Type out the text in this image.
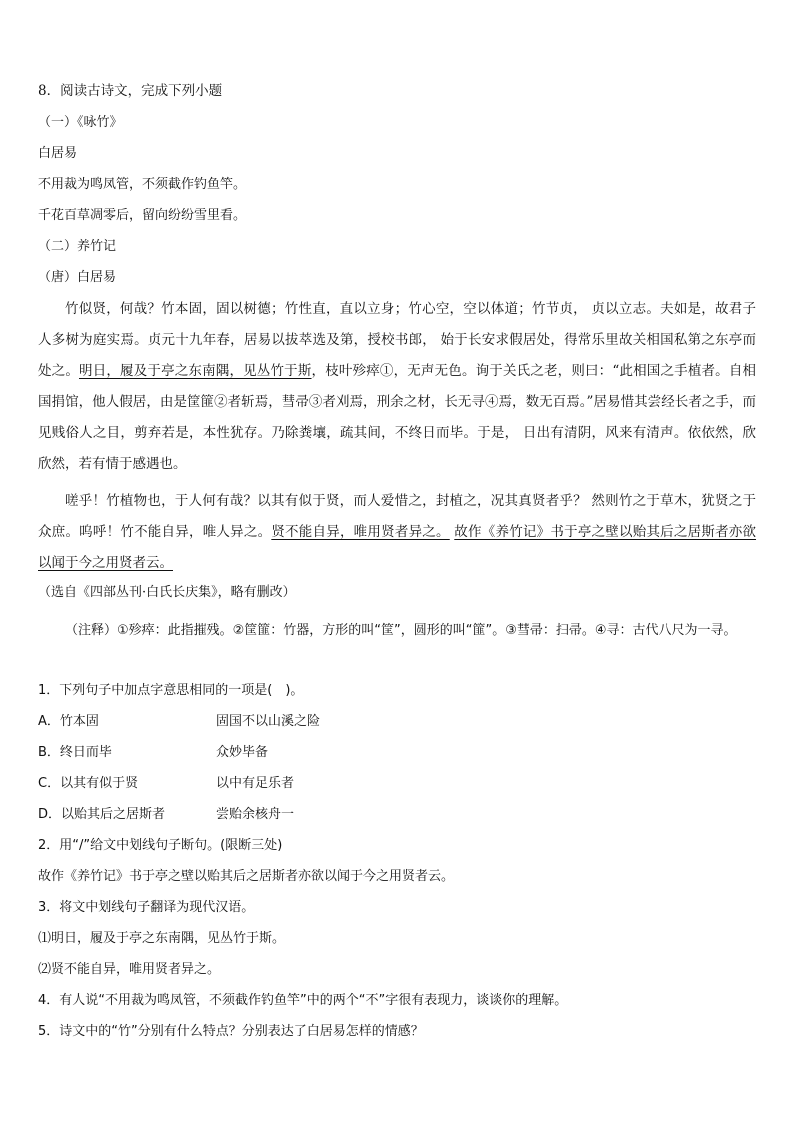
8．阅读古诗文，完成下列小题
（一）《咏竹》
白居易
不用裁为鸣凤管，不须截作钓鱼竿。
千花百草凋零后，留向纷纷雪里看。
（二）养竹记
（唐）白居易
竹似贤，何哉？竹本固，固以树德；竹性直，直以立身；竹心空，空以体道；竹节贞， 贞以立志。夫如是，故君子人多树为庭实焉。贞元十九年春，居易以拔萃选及第，授校书郎， 始于长安求假居处，得常乐里故关相国私第之东亭而处之。明日，履及于亭之东南隅，见丛竹于斯，枝叶殄瘁①，无声无色。询于关氏之老，则曰：“此相国之手植者。自相国捐馆，他人假居，由是筐篚②者斩焉，彗帚③者刈焉，刑余之材，长无寻④焉，数无百焉。”居易惜其尝经长者之手，而见贱俗人之目，剪弃若是，本性犹存。乃除粪壤，疏其间，不终日而毕。于是， 日出有清阴，风来有清声。依依然，欣欣然，若有情于感遇也。
嗟乎！竹植物也，于人何有哉？以其有似于贤，而人爱惜之，封植之，况其真贤者乎？ 然则竹之于草木，犹贤之于众庶。呜呼！竹不能自异，唯人异之。贤不能自异，唯用贤者异之。 故作《养竹记》书于亭之壁以贻其后之居斯者亦欲以闻于今之用贤者云。
（选自《四部丛刊·白氏长庆集》，略有删改）
（注释）①殄瘁：此指摧残。②筐篚：竹器，方形的叫“筐”，圆形的叫“篚”。③彗帚：扫帚。④寻：古代八尺为一寻。
1．下列句子中加点字意思相同的一项是(　)。
A．竹本固	固国不以山溪之险
B．终日而毕	众妙毕备
C．以其有似于贤	以中有足乐者
D．以贻其后之居斯者	尝贻余核舟一
2．用“/”给文中划线句子断句。(限断三处)
故作《养竹记》书于亭之壁以贻其后之居斯者亦欲以闻于今之用贤者云。
3．将文中划线句子翻译为现代汉语。
⑴明日，履及于亭之东南隅，见丛竹于斯。
⑵贤不能自异，唯用贤者异之。
4．有人说“不用裁为鸣凤管，不须截作钓鱼竿”中的两个“不”字很有表现力，谈谈你的理解。
5．诗文中的“竹”分别有什么特点？分别表达了白居易怎样的情感？
